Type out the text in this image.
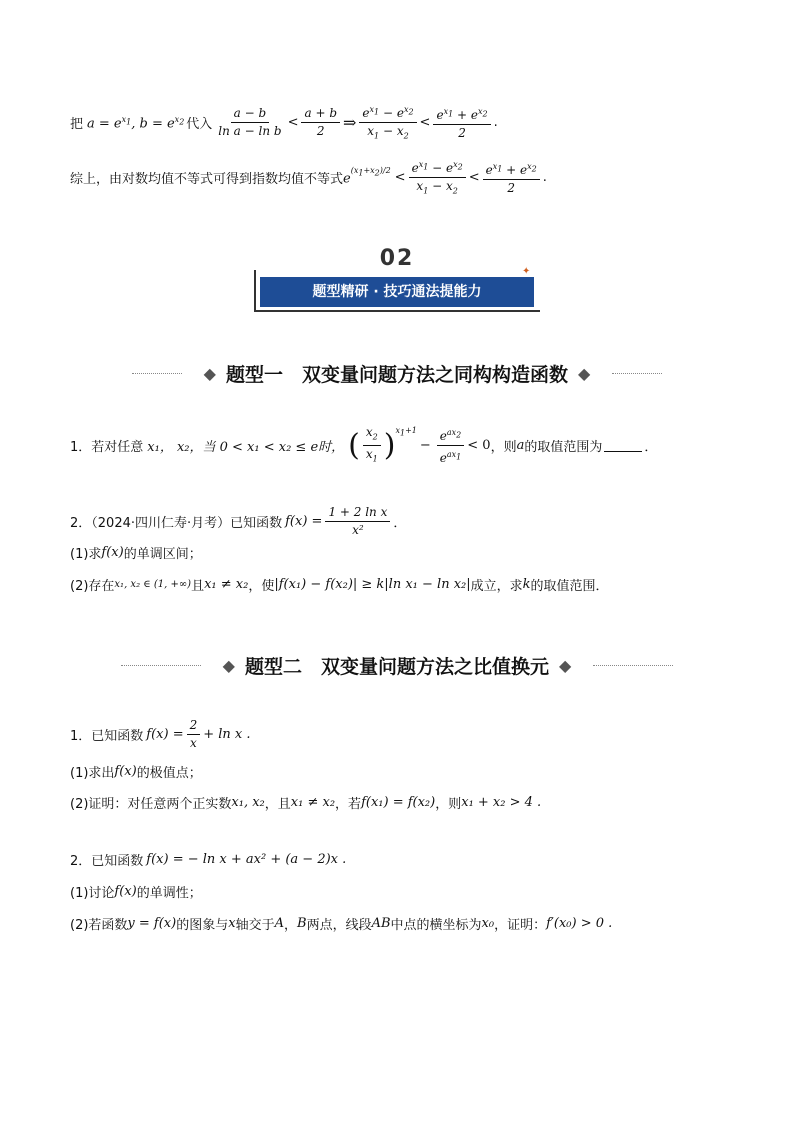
把 $a = e^{x_1}$, $b = e^{x_2}$ 代入 $\frac{a - b}{\text{ln a − ln b}} < \frac{a + b}{2}$ ⇒ $\frac{e^{x_1} - e^{x_2}}{x_1 - x_2} < \frac{e^{x_1} + e^{x_2}}{2}$ .
综上，由对数均值不等式可得到指数均值不等式 $e^{(x_1+x_2)/2}$
< $\frac{e^{x_1} - e^{x_2}}{x_1 - x_2} < \frac{e^{x_1} + e^{x_2}}{2}$ .
02
题型精研 · 技巧通法提能力
✦
◆ 题型一　双变量问题方法之同构构造函数 ◆
1．若对任意 x₁， x₂，当 0 < x₁ < x₂ ≤ e时， ( $\frac{x_2}{x_1} )^{x_1+1}$
− $\frac{e^{ax_2}}{e^{ax_1}} < 0$ ，则 a 的取值范围为	．
2．（2024·四川仁寿·月考）已知函数 $f(x) = \frac{\text{1 + 2 ln x}}{\text{x²}}$ ．
(1)求 f(x) 的单调区间；
(2)存在 x₁, x₂ ∈ (1, +∞) 且 x₁ ≠ x₂ ，使 |f(x₁) − f(x₂)| ≥ k|ln x₁ − ln x₂| 成立，求 k 的取值范围．
◆ 题型二　双变量问题方法之比值换元 ◆
1．已知函数 $f(x) = \frac{2}{x} + \ln x$ .
(1)求出 f(x) 的极值点；
(2)证明：对任意两个正实数 x₁, x₂ ，且 x₁ ≠ x₂ ，若 f(x₁) = f(x₂) ，则 x₁ + x₂ > 4 .
2．已知函数 f(x) = − ln x + ax² + (a − 2)x .
(1)讨论 f(x) 的单调性；
(2)若函数 y = f(x) 的图象与 x 轴交于 A ， B 两点，线段 AB 中点的横坐标为 x₀ ，证明： f′(x₀) > 0 .
